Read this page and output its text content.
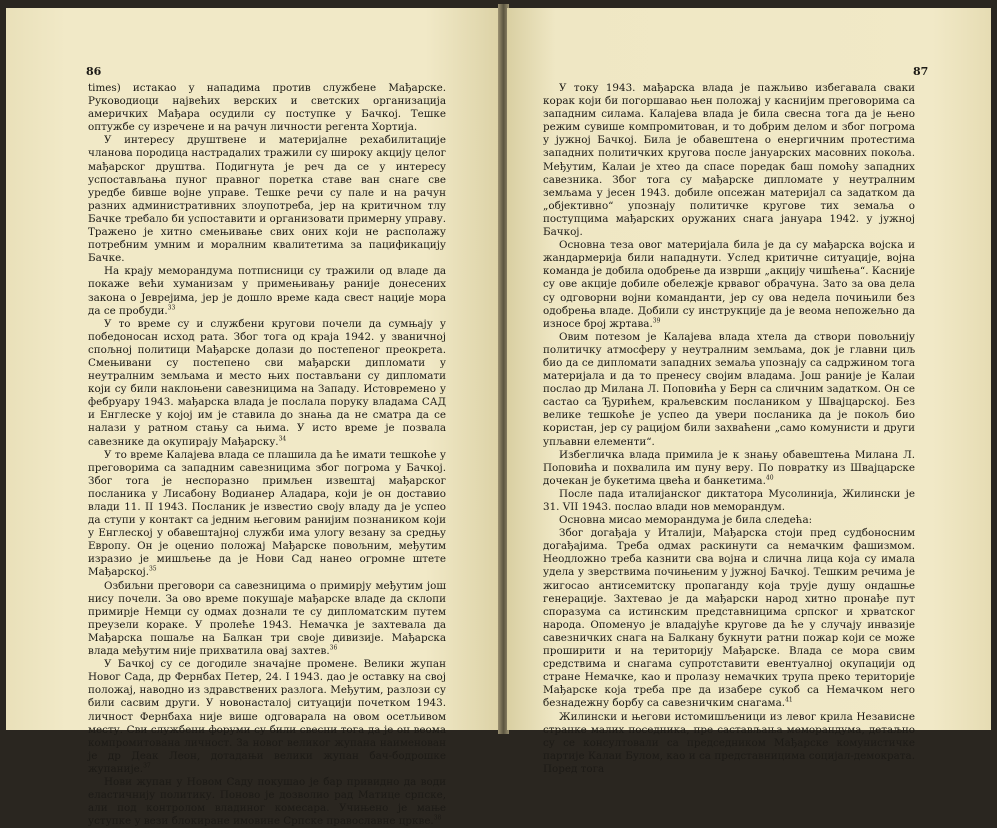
86

times) истакао у нападима против службене Мађарске. Руководиоци највећих верских и светских организација америчких Мађара осудили су поступке у Бачкој. Тешке оптужбе су изречене и на рачун личности регента Хортија.

У интересу друштвене и материјалне рехабилитације чланова породица настрадалих тражили су широку акцију целог мађарског друштва. Подигнута је реч да се у интересу успостављања пуног правног поретка ставе ван снаге све уредбе бивше војне управе. Тешке речи су пале и на рачун разних административних злоупотреба, јер на критичном тлу Бачке требало би успоставити и организовати примерну управу. Тражено је хитно смењивање свих оних који не располажу потребним умним и моралним квалитетима за пацификацију Бачке.

На крају меморандума потписници су тражили од владе да покаже већи хуманизам у примењивању раније донесених закона о Јеврејима, јер је дошло време када свест нације мора да се пробуди.$^{33}$

У то време су и службени кругови почели да сумњају у победоносан исход рата. Због тога од краја 1942. у званичној спољној политици Мађарске долази до постепеног преокрета. Смењивани су постепено сви мађарски дипломати у неутралним земљама и место њих постављани су дипломати који су били наклоњени савезницима на Западу. Истовремено у фебруару 1943. мађарска влада је послала поруку владама САД и Енглеске у којој им је ставила до знања да не сматра да се налази у ратном стању са њима. У исто време је позвала савезнике да окупирају Мађарску.$^{34}$

У то време Калајева влада се плашила да ће имати тешкоће у преговорима са западним савезницима због погрома у Бачкој. Због тога је неспоразно примљен извештај мађарског посланика у Лисабону Водианер Аладара, који је он доставио влади 11. II 1943. Посланик је известио своју владу да је успео да ступи у контакт са једним његовим ранијим познаником који у Енглеској у обавештајној служби има улогу везану за средњу Европу. Он је оценио положај Мађарске повољним, међутим изразио је мишљење да је Нови Сад нанео огромне штете Мађарској.$^{35}$

Озбиљни преговори са савезницима о примирју међутим још нису почели. За ово време покушаје мађарске владе да склопи примирје Немци су одмах дознали те су дипломатским путем преузели кораке. У пролеће 1943. Немачка је захтевала да Мађарска пошаље на Балкан три своје дивизије. Мађарска влада међутим није прихватила овај захтев.$^{36}$

У Бачкој су се догодиле значајне промене. Велики жупан Новог Сада, др Фернбах Петер, 24. I 1943. дао је оставку на свој положај, наводно из здравствених разлога. Међутим, разлози су били сасвим други. У новонасталој ситуацији почетком 1943. личност Фернбаха није више одговарала на овом осетљивом месту. Сви службени форуми су били свесни тога да је он веома компромитована личност. За новог великог жупана наименован је др Деак Леон, дотадањи велики жупан бач-бодрошке жупаније.$^{37}$

Нови жупан у Новом Саду покушао је бар привидно да води еластичнију политику. Поново је дозволио рад Матице српске, али под контролом владиног комесара. Учињено је мање уступке у вези блокиране имовине Српске православне цркве.$^{38}$

87

У току 1943. мађарска влада је пажљиво избегавала сваки корак који би погоршавао њен положај у каснијим преговорима са западним силама. Калајева влада је била свесна тога да је њено режим сувише компромитован, и то добрим делом и због погрома у јужној Бачкој. Била је обавештена о енергичним протестима западних политичких кругова после јануарских масовних покоља. Међутим, Калаи је хтео да спасе поредак баш помоћу западних савезника. Због тога су мађарске дипломате у неутралним земљама у јесен 1943. добиле опсежан материјал са задатком да „објективно“ упознају политичке кругове тих земаља о поступцима мађарских оружаних снага јануара 1942. у јужној Бачкој.

Основна теза овог материјала била је да су мађарска војска и жандармерија били нападнути. Услед критичне ситуације, војна команда је добила одобрење да изврши „акцију чишћења“. Касније су ове акције добиле обележје крвавог обрачуна. Зато за ова дела су одговорни војни команданти, јер су ова недела почињили без одобрења владе. Добили су инструкције да је веома непожељно да износе број жртава.$^{39}$

Овим потезом је Калајева влада хтела да створи повољнију политичку атмосферу у неутралним земљама, док је главни циљ био да се дипломати западних земаља упознају са садржином тога материјала и да то пренесу својим владама. Још раније је Калаи послао др Милана Л. Поповића у Берн са сличним задатком. Он се састао са Ђурићем, краљевским послаником у Швајцарској. Без велике тешкоће је успео да увери посланика да је покољ био користан, јер су рацијом били захваћени „само комунисти и други упљавни елементи“.

Избегличка влада примила је к знању обавештења Милана Л. Поповића и похвалила им пуну веру. По повратку из Швајцарске дочекан је букетима цвећа и банкетима.$^{40}$

После пада италијанског диктатора Мусолинија, Жилински је 31. VII 1943. послао влади нов меморандум.

Основна мисао меморандума је била следећа:

Због догађаја у Италији, Мађарска стоји пред судбоносним догађајима. Треба одмах раскинути са немачким фашизмом. Неодложно треба казнити сва војна и слична лица која су имала удела у зверствима почињеним у јужној Бачкој. Тешким речима је жигосао антисемитску пропаганду која трује душу ондашње генерације. Захтевао је да мађарски народ хитно пронађе пут споразума са истинским представницима српског и хрватског народа. Опоменуо је владајуће кругове да ће у случају инвазије савезничких снага на Балкану букнути ратни пожар који се може проширити и на територију Мађарске. Влада се мора свим средствима и снагама супротставити евентуалној окупацији од стране Немачке, као и пролазу немачких трупа преко територије Мађарске која треба пре да изабере сукоб са Немачком него безнадежну борбу са савезничким снагама.$^{41}$

Жилински и његови истомишљеници из левог крила Независне странке малих поседника, пре састављања меморандума, детаљно су се консултовали са председником Мађарске комунистичке партије Калаи Булом, као и са представницима социјал-демократа. Поред тога
